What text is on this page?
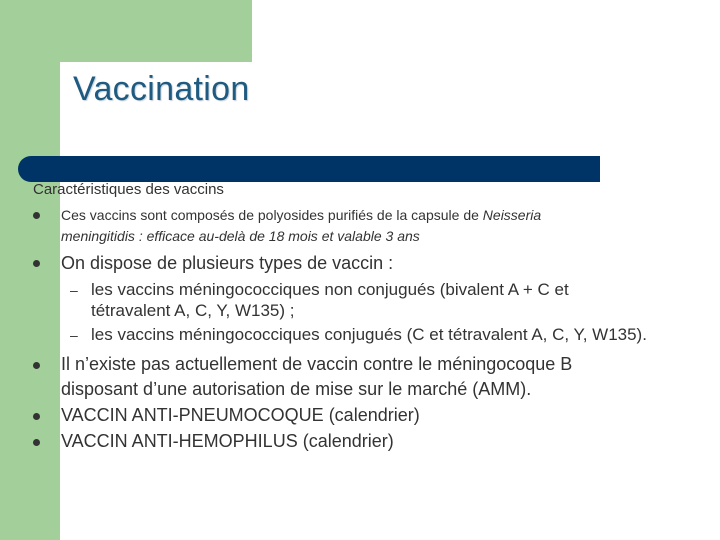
Vaccination
Caractéristiques des vaccins
Ces vaccins sont composés de polyosides purifiés de la capsule de Neisseria
meningitidis : efficace au-delà de 18 mois et valable 3 ans
On dispose de plusieurs types de vaccin :
– les vaccins méningococciques non conjugués (bivalent A + C et
tétravalent A, C, Y, W135) ;
– les vaccins méningococciques conjugués (C et tétravalent A, C, Y, W135).
Il n’existe pas actuellement de vaccin contre le méningocoque B
disposant d’une autorisation de mise sur le marché (AMM).
VACCIN ANTI-PNEUMOCOQUE (calendrier)
VACCIN ANTI-HEMOPHILUS (calendrier)
